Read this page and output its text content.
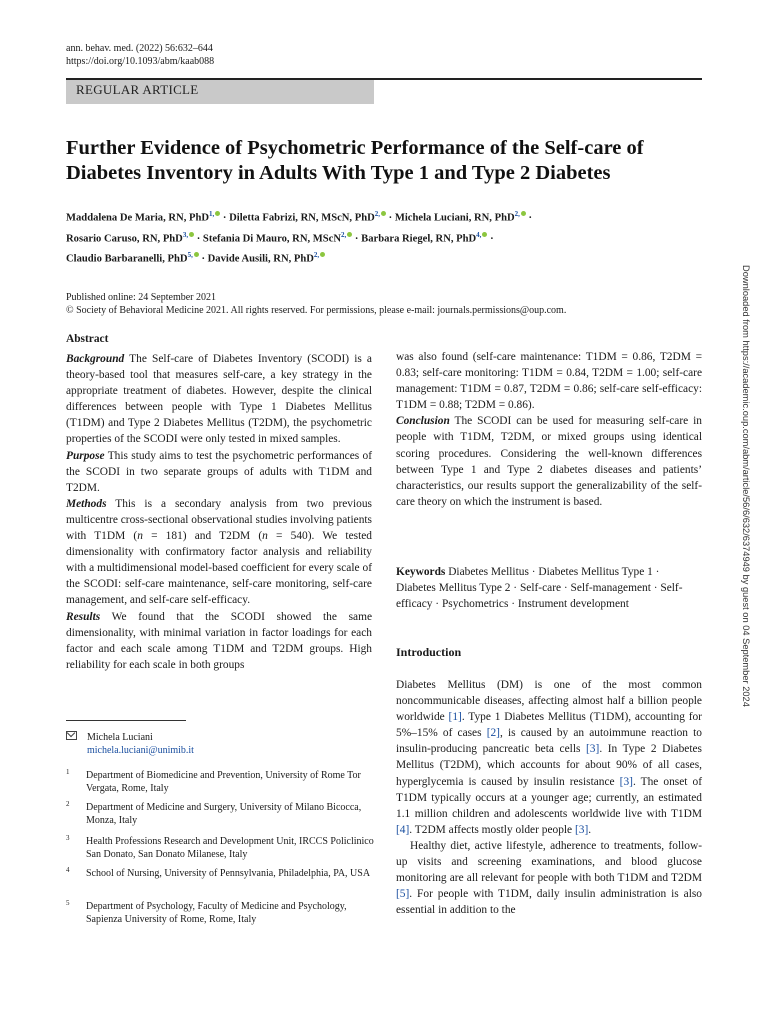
ann. behav. med. (2022) 56:632–644
https://doi.org/10.1093/abm/kaab088
REGULAR ARTICLE
Further Evidence of Psychometric Performance of the Self-care of Diabetes Inventory in Adults With Type 1 and Type 2 Diabetes
Maddalena De Maria, RN, PhD$^{1,}$ · Diletta Fabrizi, RN, MScN, PhD$^{2,}$ · Michela Luciani, RN, PhD$^{2,}$ ·
Rosario Caruso, RN, PhD$^{3,}$ · Stefania Di Mauro, RN, MScN$^{2,}$ · Barbara Riegel, RN, PhD$^{4,}$ ·
Claudio Barbaranelli, PhD$^{5,}$ · Davide Ausili, RN, PhD$^{2,}$
Published online: 24 September 2021
© Society of Behavioral Medicine 2021. All rights reserved. For permissions, please e-mail: journals.permissions@oup.com.
Abstract

Background The Self-care of Diabetes Inventory (SCODI) is a theory-based tool that measures self-care, a key strategy in the appropriate treatment of diabetes. However, despite the clinical differences between people with Type 1 Diabetes Mellitus (T1DM) and Type 2 Diabetes Mellitus (T2DM), the psychometric properties of the SCODI were only tested in mixed samples.

Purpose This study aims to test the psychometric performances of the SCODI in two separate groups of adults with T1DM and T2DM.

Methods This is a secondary analysis from two previous multicentre cross-sectional observational studies involving patients with T1DM (n = 181) and T2DM (n = 540). We tested dimensionality with confirmatory factor analysis and reliability with a multidimensional model-based coefficient for every scale of the SCODI: self-care maintenance, self-care monitoring, self-care management, and self-care self-efficacy.

Results We found that the SCODI showed the same dimensionality, with minimal variation in factor loadings for each factor and each scale among T1DM and T2DM groups. High reliability for each scale in both groups

was also found (self-care maintenance: T1DM = 0.86, T2DM = 0.83; self-care monitoring: T1DM = 0.84, T2DM = 1.00; self-care management: T1DM = 0.87, T2DM = 0.86; self-care self-efficacy: T1DM = 0.88; T2DM = 0.86).

Conclusion The SCODI can be used for measuring self-care in people with T1DM, T2DM, or mixed groups using identical scoring procedures. Considering the well-known differences between Type 1 and Type 2 diabetes diseases and patients’ characteristics, our results support the generalizability of the self-care theory on which the instrument is based.

Keywords Diabetes Mellitus · Diabetes Mellitus Type 1 · Diabetes Mellitus Type 2 · Self-care · Self-management · Self-efficacy · Psychometrics · Instrument development
Introduction

Diabetes Mellitus (DM) is one of the most common noncommunicable diseases, affecting almost half a billion people worldwide [1]. Type 1 Diabetes Mellitus (T1DM), accounting for 5%–15% of cases [2], is caused by an autoimmune reaction to insulin-producing pancreatic beta cells [3]. In Type 2 Diabetes Mellitus (T2DM), which accounts for about 90% of all cases, hyperglycemia is caused by insulin resistance [3]. The onset of T1DM typically occurs at a younger age; currently, an estimated 1.1 million children and adolescents worldwide live with T1DM [4]. T2DM affects mostly older people [3].

Healthy diet, active lifestyle, adherence to treatments, follow-up visits and screening examinations, and blood glucose monitoring are all relevant for people with both T1DM and T2DM [5]. For people with T1DM, daily insulin administration is also essential in addition to the

Michela Luciani
michela.luciani@unimib.it
1 Department of Biomedicine and Prevention, University of Rome Tor Vergata, Rome, Italy
2 Department of Medicine and Surgery, University of Milano Bicocca, Monza, Italy
3 Health Professions Research and Development Unit, IRCCS Policlinico San Donato, San Donato Milanese, Italy
4 School of Nursing, University of Pennsylvania, Philadelphia, PA, USA
5 Department of Psychology, Faculty of Medicine and Psychology, Sapienza University of Rome, Rome, Italy
Downloaded from https://academic.oup.com/abm/article/56/6/632/6374949 by guest on 04 September 2024
